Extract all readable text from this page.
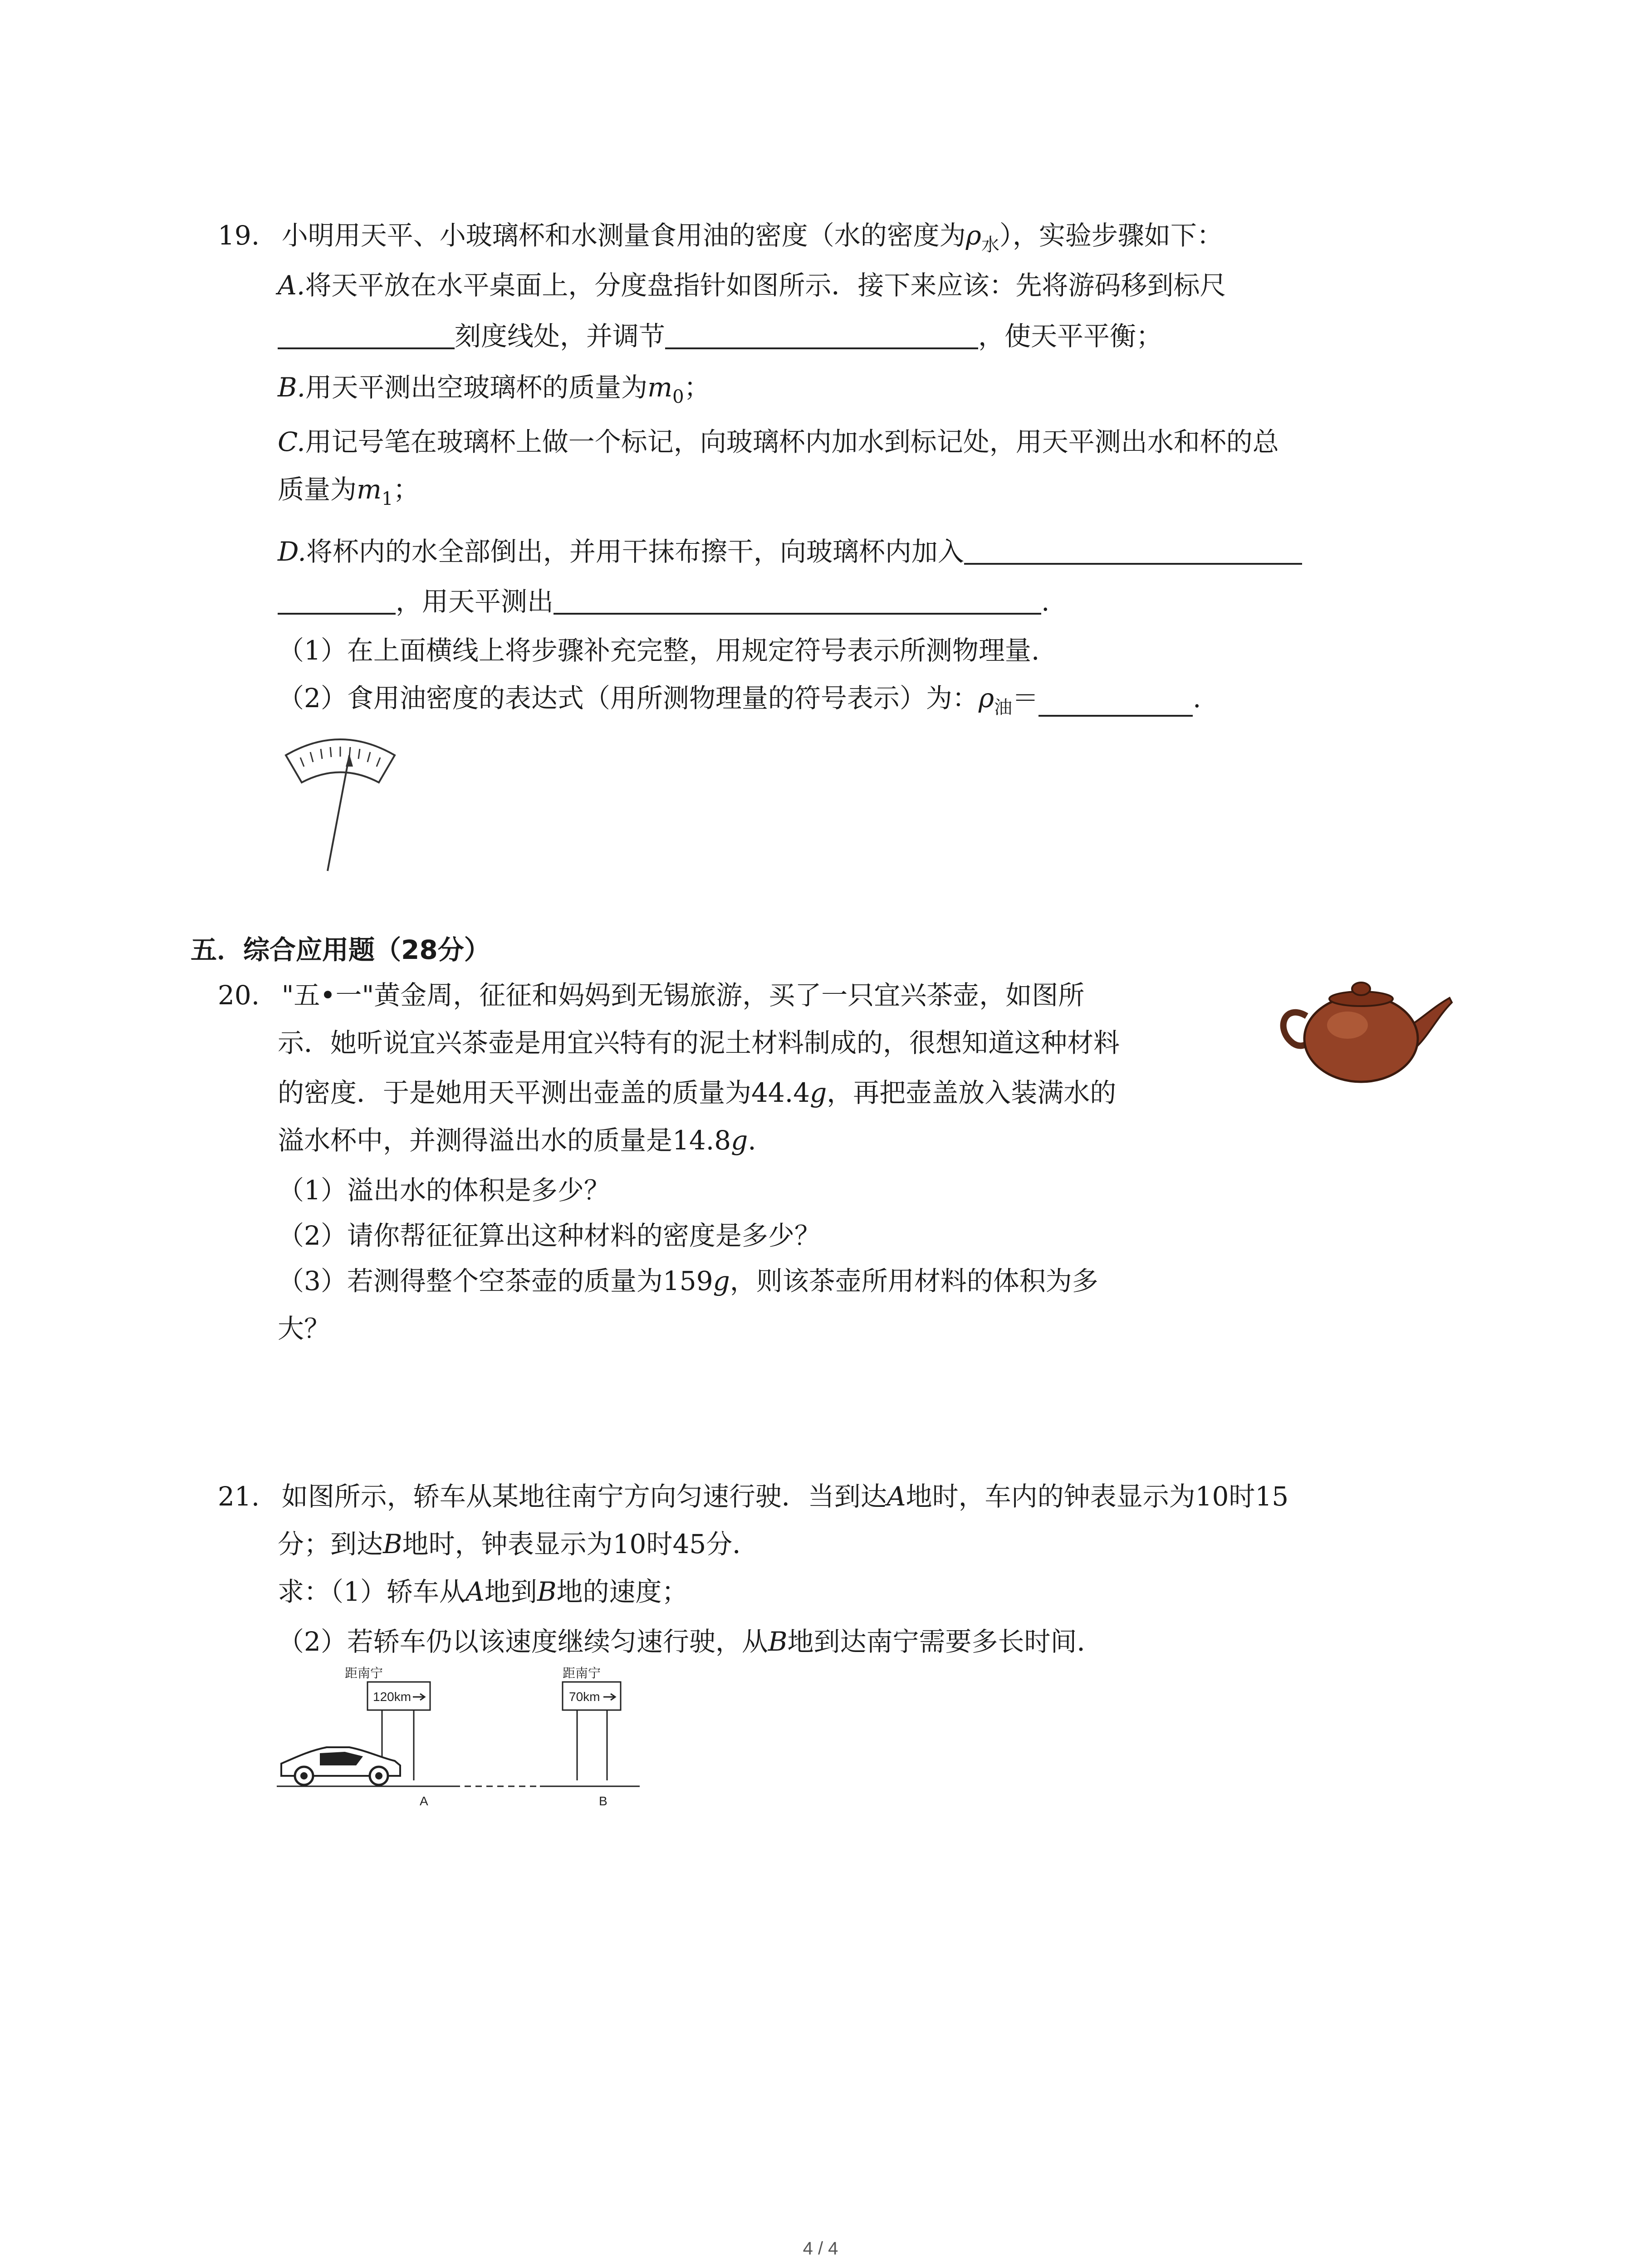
19. 小明用天平、小玻璃杯和水测量食用油的密度（水的密度为$\rho_水$），实验步骤如下：
A.将天平放在水平桌面上，分度盘指针如图所示．接下来应该：先将游码移到标尺
刻度线处，并调节	，使天平平衡；
B.用天平测出空玻璃杯的质量为$m_0$；
C.用记号笔在玻璃杯上做一个标记，向玻璃杯内加水到标记处，用天平测出水和杯的总
质量为$m_1$；
D.将杯内的水全部倒出，并用干抹布擦干，向玻璃杯内加入
，用天平测出	.
（1）在上面横线上将步骤补充完整，用规定符号表示所测物理量.
（2）食用油密度的表达式（用所测物理量的符号表示）为：$\rho_油=$	.
五．综合应用题（28分）
20. "五•一"黄金周，征征和妈妈到无锡旅游，买了一只宜兴茶壶，如图所
示．她听说宜兴茶壶是用宜兴特有的泥土材料制成的，很想知道这种材料
的密度．于是她用天平测出壶盖的质量为44.4g，再把壶盖放入装满水的
溢水杯中，并测得溢出水的质量是14.8g.
（1）溢出水的体积是多少？
（2）请你帮征征算出这种材料的密度是多少？
（3）若测得整个空茶壶的质量为159g，则该茶壶所用材料的体积为多
大？
21. 如图所示，轿车从某地往南宁方向匀速行驶．当到达A地时，车内的钟表显示为10时15
分；到达B地时，钟表显示为10时45分．
求：（1）轿车从A地到B地的速度；
（2）若轿车仍以该速度继续匀速行驶，从B地到达南宁需要多长时间．
距南宁
120km
距南宁
70km
A	B
4 / 4
